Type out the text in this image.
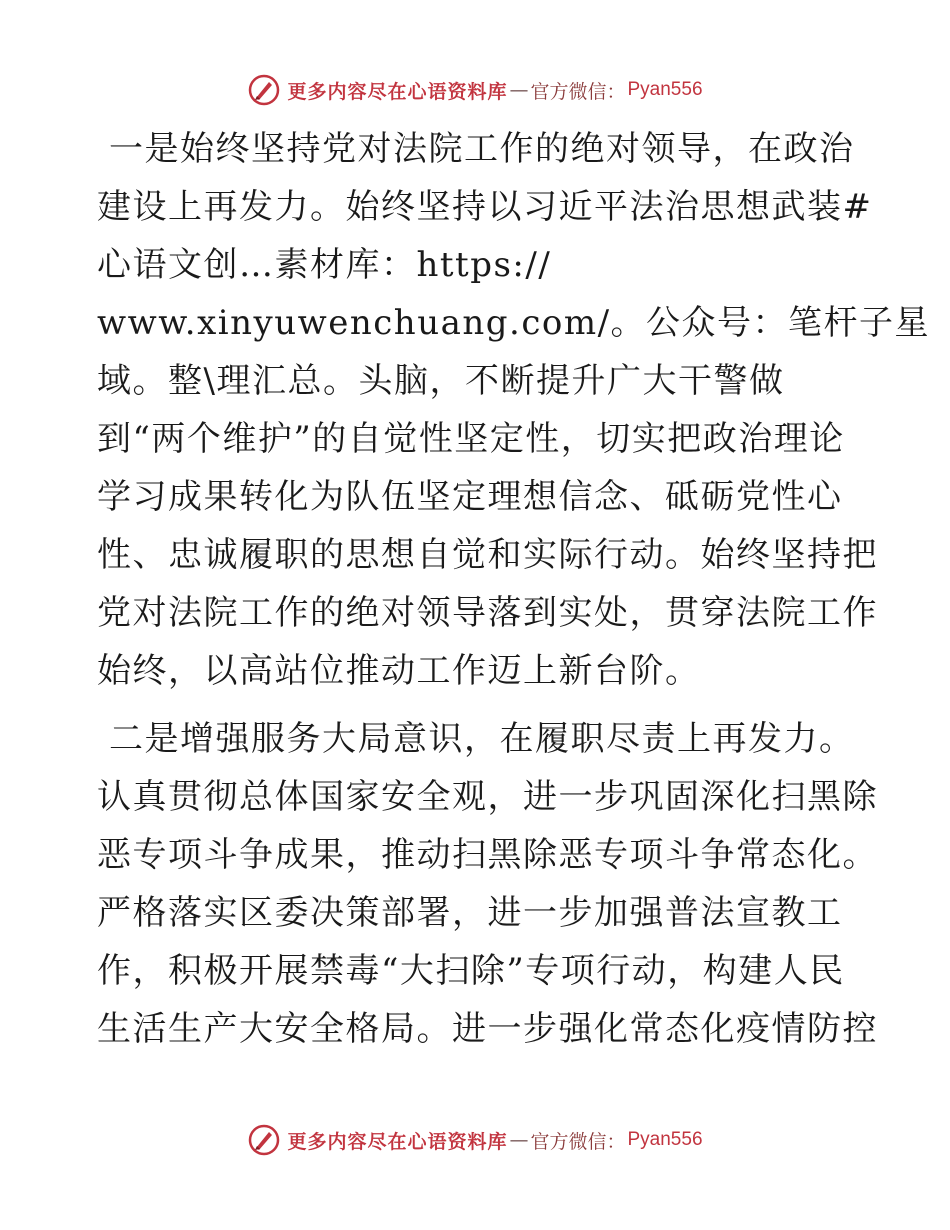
更多内容尽在心语资料库 — 官方微信： Pyan556

一是始终坚持党对法院工作的绝对领导，在政治
建设上再发力。始终坚持以习近平法治思想武装#
心语文创…素材库：https://
www.xinyuwenchuang.com/。公众号：笔杆子星
域。整\理汇总。头脑，不断提升广大干警做
到“两个维护”的自觉性坚定性，切实把政治理论
学习成果转化为队伍坚定理想信念、砥砺党性心
性、忠诚履职的思想自觉和实际行动。始终坚持把
党对法院工作的绝对领导落到实处，贯穿法院工作
始终，以高站位推动工作迈上新台阶。

二是增强服务大局意识，在履职尽责上再发力。
认真贯彻总体国家安全观，进一步巩固深化扫黑除
恶专项斗争成果，推动扫黑除恶专项斗争常态化。
严格落实区委决策部署，进一步加强普法宣教工
作，积极开展禁毒“大扫除”专项行动，构建人民
生活生产大安全格局。进一步强化常态化疫情防控

更多内容尽在心语资料库 — 官方微信： Pyan556
